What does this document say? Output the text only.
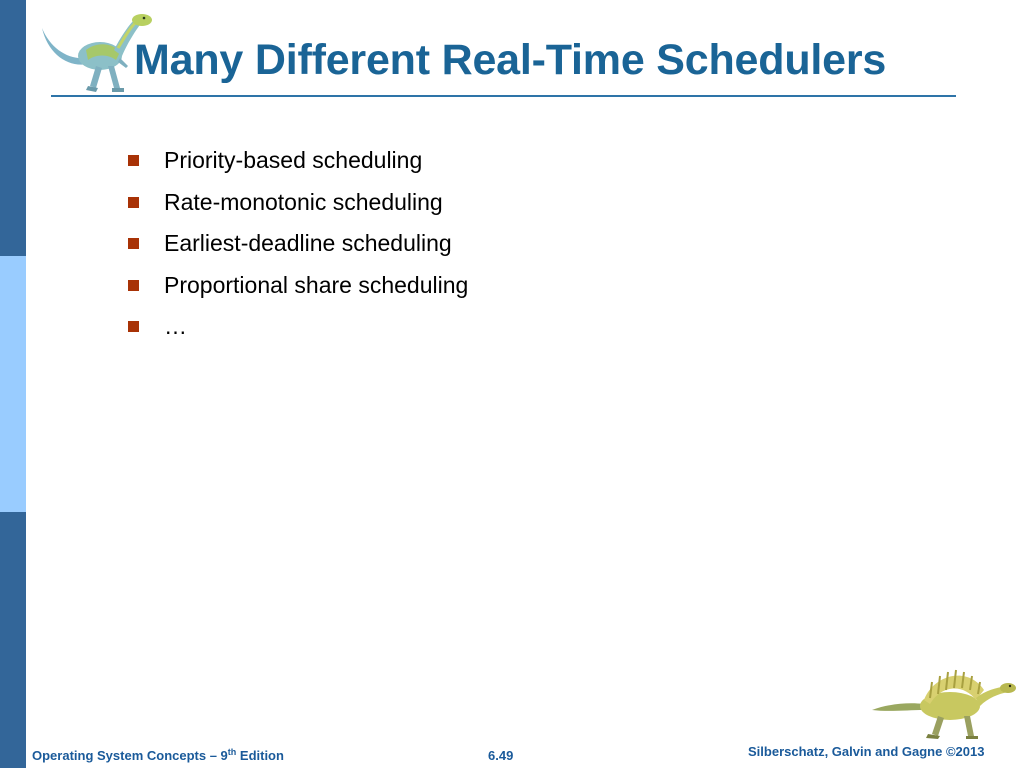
Many Different Real-Time Schedulers
Priority-based scheduling
Rate-monotonic scheduling
Earliest-deadline scheduling
Proportional share scheduling
…
Operating System Concepts – 9th Edition	6.49	Silberschatz, Galvin and Gagne ©2013
